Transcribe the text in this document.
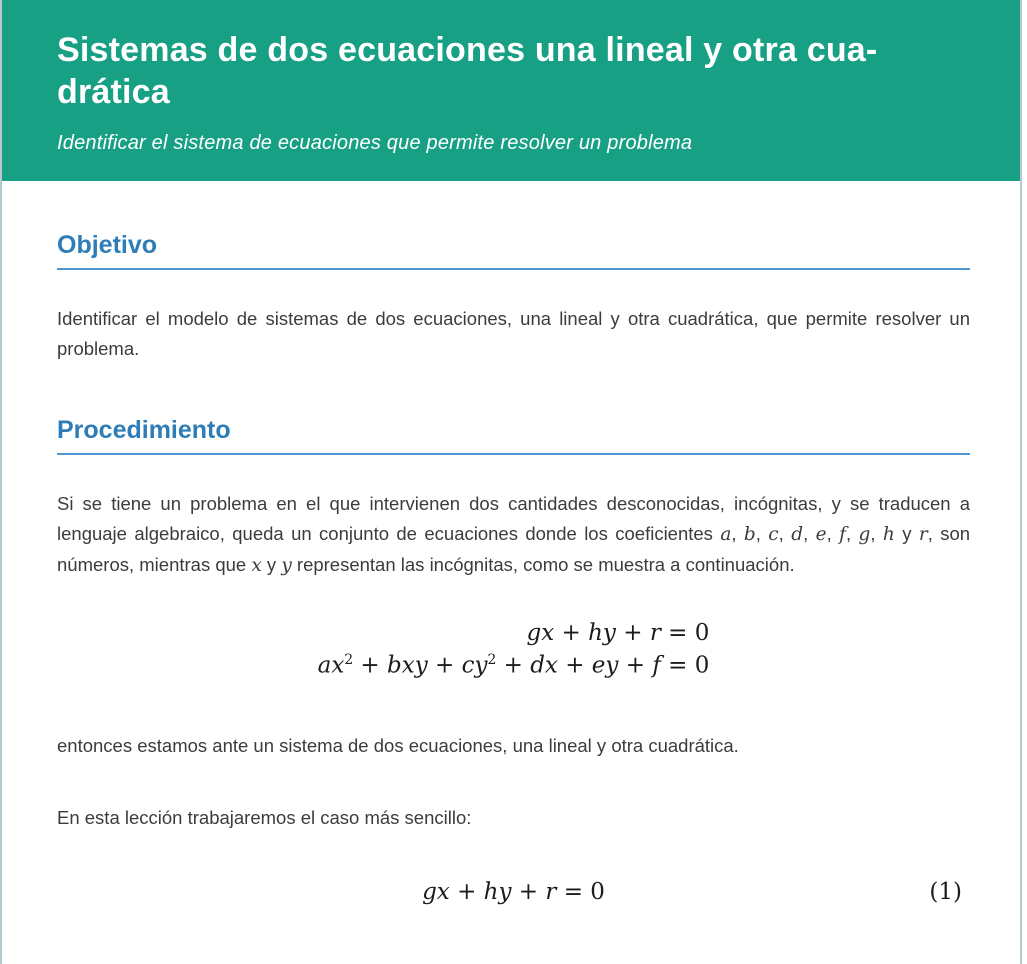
Sistemas de dos ecuaciones una lineal y otra cua-
drática

Identificar el sistema de ecuaciones que permite resolver un problema

Objetivo

Identificar el modelo de sistemas de dos ecuaciones, una lineal y otra cuadrática, que permite resolver un problema.

Procedimiento

Si se tiene un problema en el que intervienen dos cantidades desconocidas, incógnitas, y se traducen a lenguaje algebraico, queda un conjunto de ecuaciones donde los coeficientes a, b, c, d, e, f, g, h y r, son números, mientras que x y y representan las incógnitas, como se muestra a continuación.

gx + hy + r = 0
$ax^2$ + bxy + $cy^2$ + dx + ey + f = 0

entonces estamos ante un sistema de dos ecuaciones, una lineal y otra cuadrática.

En esta lección trabajaremos el caso más sencillo:

gx + hy + r = 0	(1)
